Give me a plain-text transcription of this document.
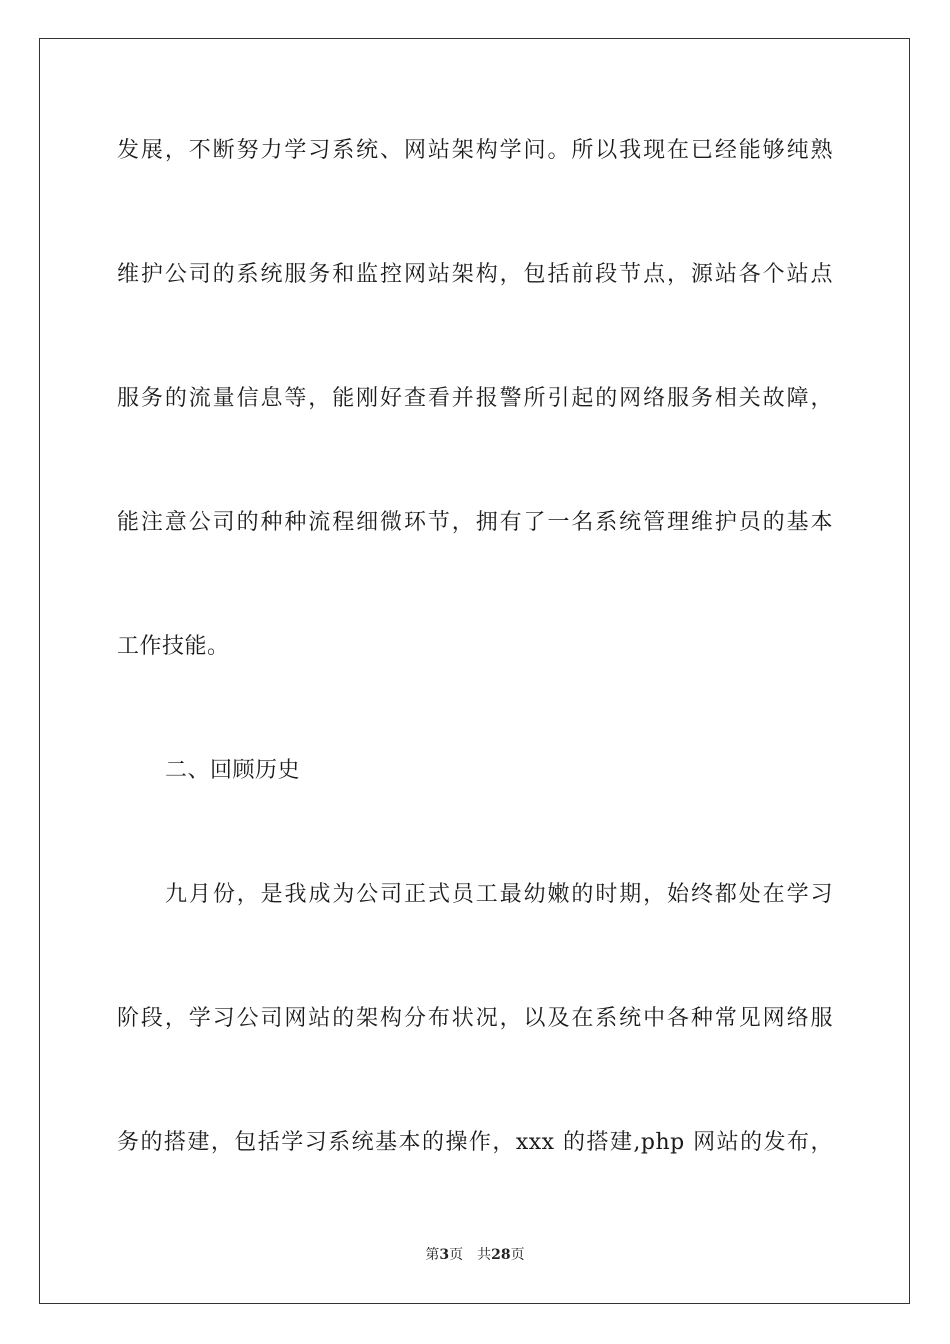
发展，不断努力学习系统、网站架构学问。所以我现在已经能够纯熟
维护公司的系统服务和监控网站架构，包括前段节点，源站各个站点
服务的流量信息等，能刚好查看并报警所引起的网络服务相关故障，
能注意公司的种种流程细微环节，拥有了一名系统管理维护员的基本
工作技能。
二、回顾历史
九月份，是我成为公司正式员工最幼嫩的时期，始终都处在学习
阶段，学习公司网站的架构分布状况，以及在系统中各种常见网络服
务的搭建，包括学习系统基本的操作，xxx 的搭建,php 网站的发布，
第3页 共28页
